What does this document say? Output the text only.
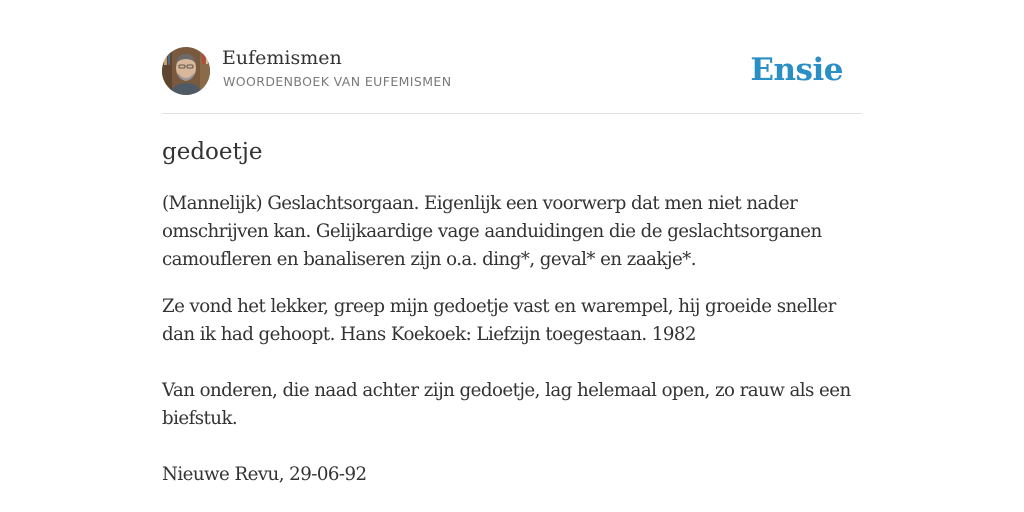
Eufemismen
WOORDENBOEK VAN EUFEMISMEN	Ensie
gedoetje

(Mannelijk) Geslachtsorgaan. Eigenlijk een voorwerp dat men niet nader omschrijven kan. Gelijkaardige vage aanduidingen die de geslachtsorganen camoufleren en banaliseren zijn o.a. ding*, geval* en zaakje*.

Ze vond het lekker, greep mijn gedoetje vast en warempel, hij groeide sneller dan ik had gehoopt. Hans Koekoek: Liefzijn toegestaan. 1982

Van onderen, die naad achter zijn gedoetje, lag helemaal open, zo rauw als een biefstuk.

Nieuwe Revu, 29-06-92
